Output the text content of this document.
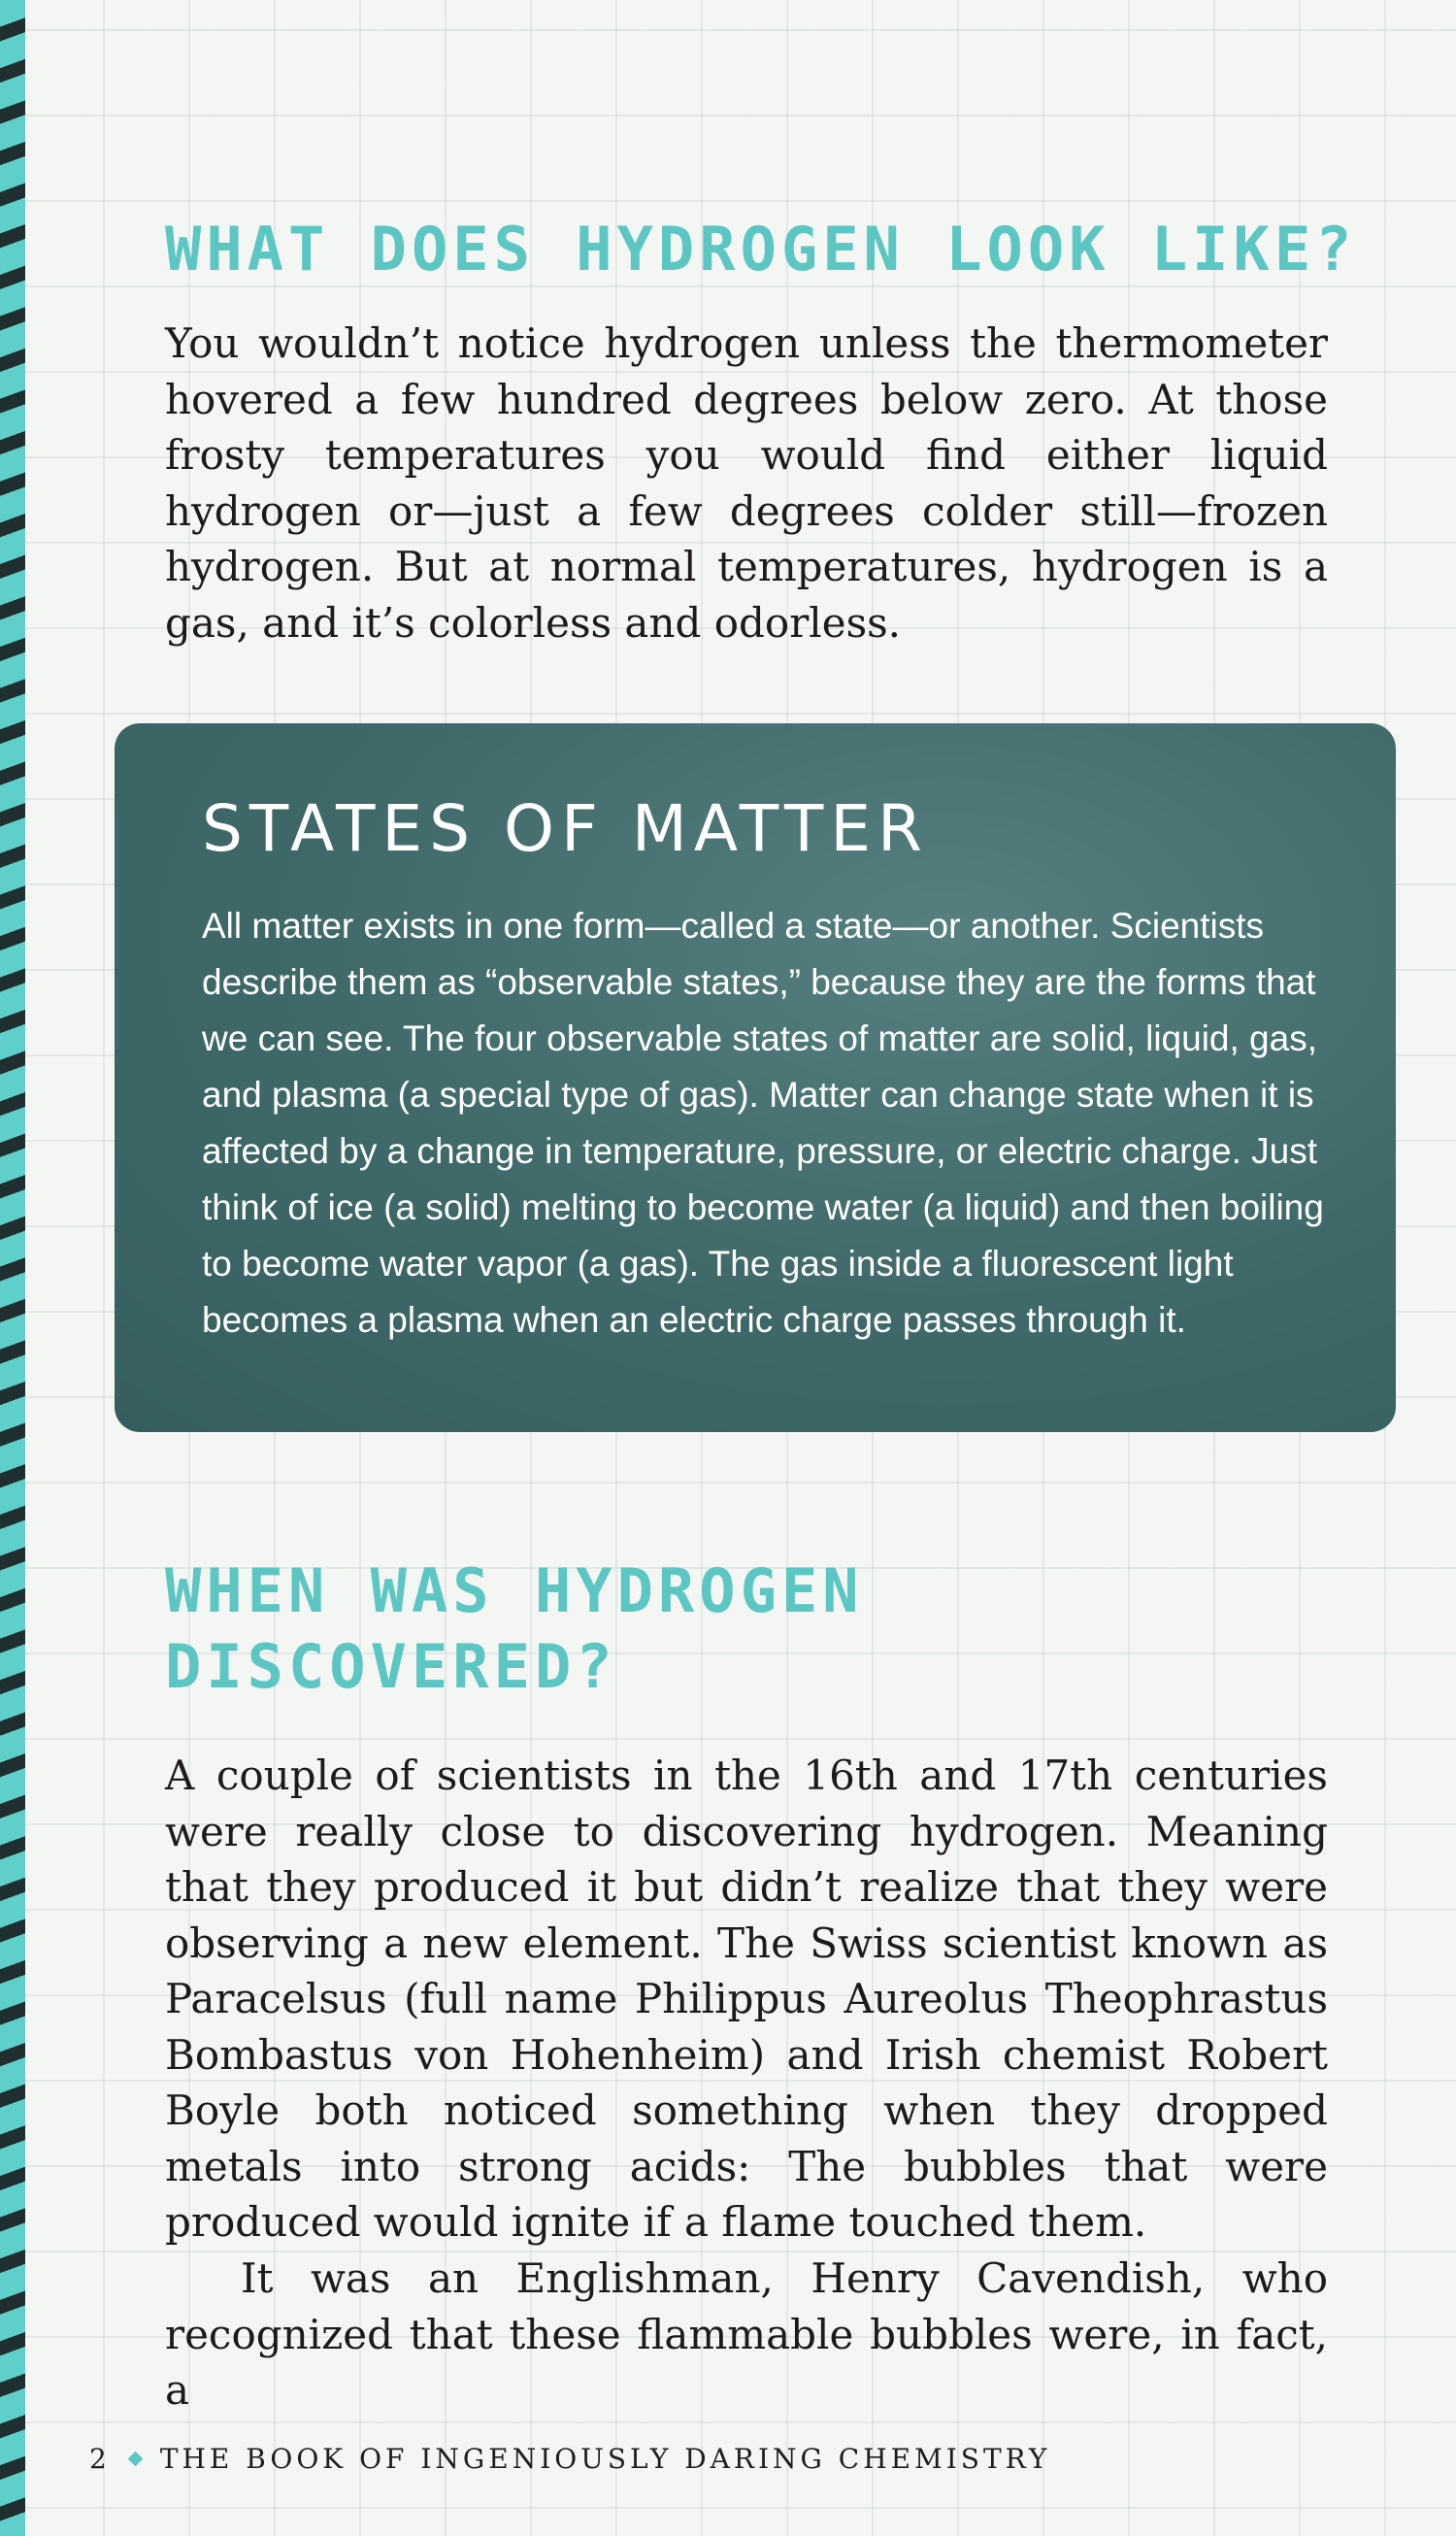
WHAT DOES HYDROGEN LOOK LIKE?

You wouldn’t notice hydrogen unless the thermometer hovered a few hundred degrees below zero. At those frosty temperatures you would find either liquid hydrogen or—just a few degrees colder still—frozen hydrogen. But at normal temperatures, hydrogen is a gas, and it’s colorless and odorless.

STATES OF MATTER

All matter exists in one form—called a state—or another. Scientists describe them as “observable states,” because they are the forms that we can see. The four observable states of matter are solid, liquid, gas, and plasma (a special type of gas). Matter can change state when it is affected by a change in temperature, pressure, or electric charge. Just think of ice (a solid) melting to become water (a liquid) and then boiling to become water vapor (a gas). The gas inside a fluorescent light becomes a plasma when an electric charge passes through it.

WHEN WAS HYDROGEN DISCOVERED?

A couple of scientists in the 16th and 17th centuries were really close to discovering hydrogen. Meaning that they produced it but didn’t realize that they were observing a new element. The Swiss scientist known as Paracelsus (full name Philippus Aureolus Theophrastus Bombastus von Hohenheim) and Irish chemist Robert Boyle both noticed something when they dropped metals into strong acids: The bubbles that were produced would ignite if a flame touched them.

It was an Englishman, Henry Cavendish, who recognized that these flammable bubbles were, in fact, a

2 THE BOOK OF INGENIOUSLY DARING CHEMISTRY
